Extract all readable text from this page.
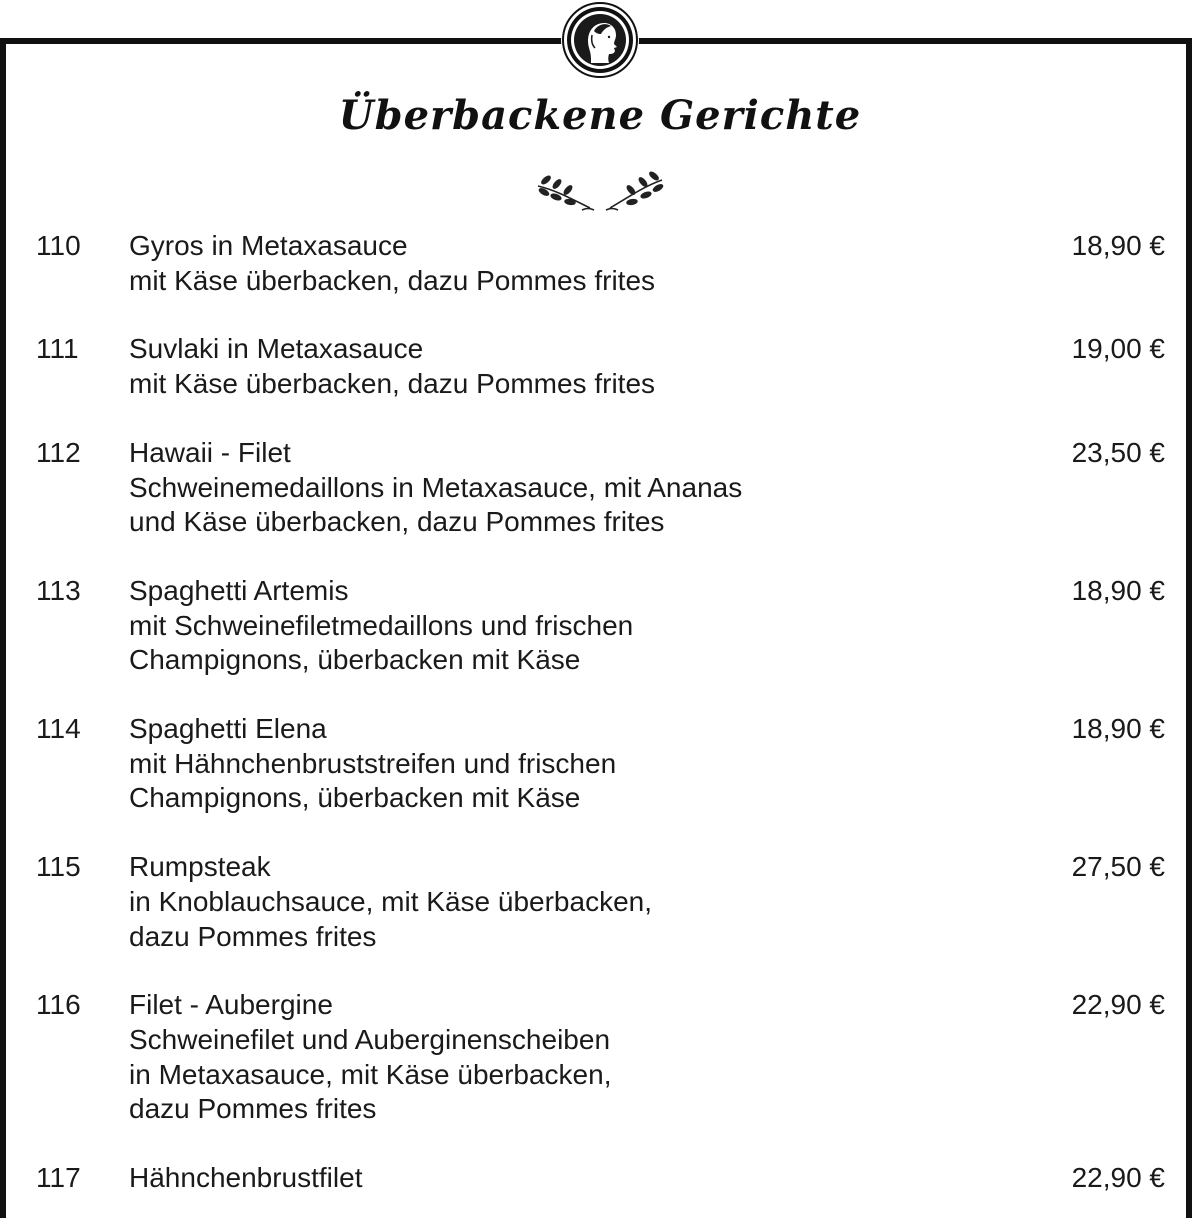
Überbackene Gerichte
110 Gyros in Metaxasauce
mit Käse überbacken, dazu Pommes frites
18,90 €
111 Suvlaki in Metaxasauce
mit Käse überbacken, dazu Pommes frites
19,00 €
112 Hawaii - Filet
Schweinemedaillons in Metaxasauce, mit Ananas
und Käse überbacken, dazu Pommes frites
23,50 €
113 Spaghetti Artemis
mit Schweinefiletmedaillons und frischen
Champignons, überbacken mit Käse
18,90 €
114 Spaghetti Elena
mit Hähnchenbruststreifen und frischen
Champignons, überbacken mit Käse
18,90 €
115 Rumpsteak
in Knoblauchsauce, mit Käse überbacken,
dazu Pommes frites
27,50 €
116 Filet - Aubergine
Schweinefilet und Auberginenscheiben
in Metaxasauce, mit Käse überbacken,
dazu Pommes frites
22,90 €
117 Hähnchenbrustfilet	22,90 €
